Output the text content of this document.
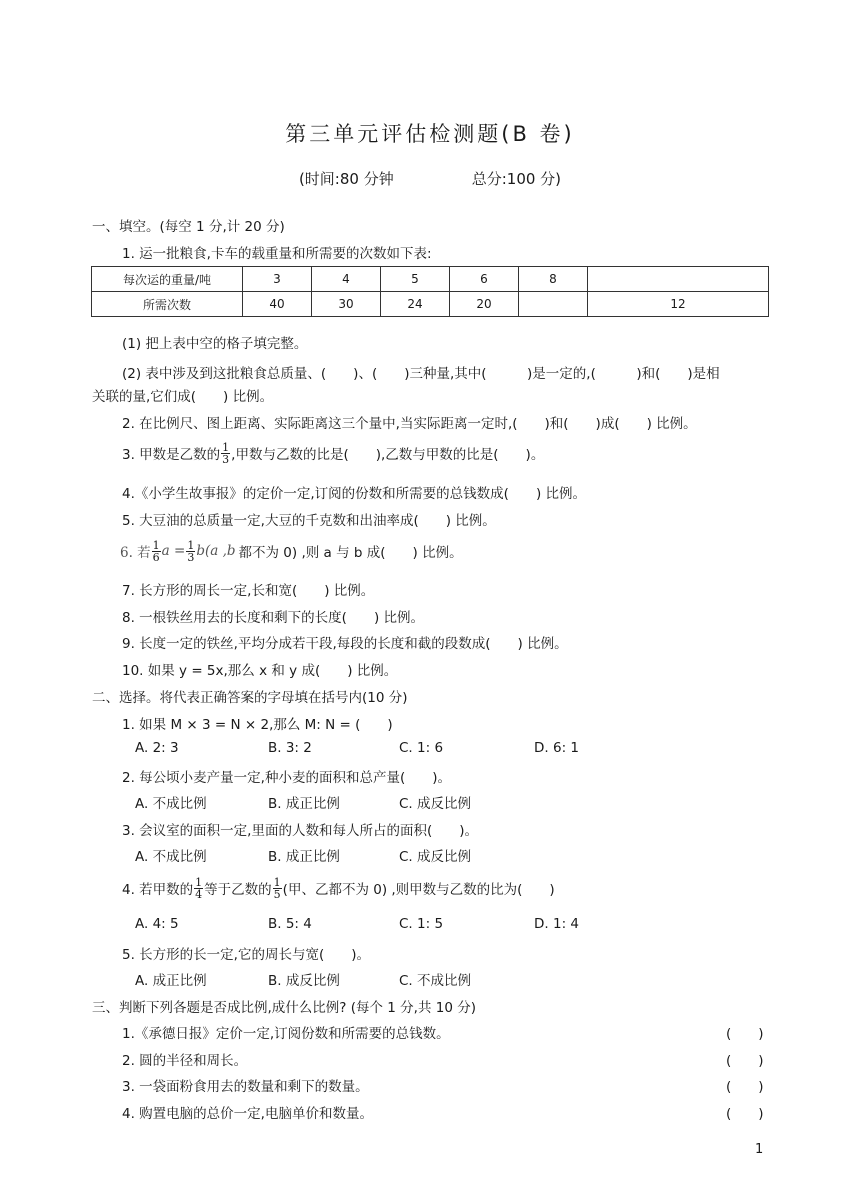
第三单元评估检测题(B 卷)
(时间:80 分钟	总分:100 分)
一、填空。(每空 1 分,计 20 分)
1. 运一批粮食,卡车的载重量和所需要的次数如下表:
每次运的重量/吨	3	4	5	6	8	
所需次数	40	30	24	20		12
(1) 把上表中空的格子填完整。
(2) 表中涉及到这批粮食总质量、(　　)、(　　)三种量,其中(　　　)是一定的,(　　　)和(　　)是相
关联的量,它们成(　　) 比例。
2. 在比例尺、图上距离、实际距离这三个量中,当实际距离一定时,(　　)和(　　)成(　　) 比例。
3. 甲数是乙数的 $\frac{1}{3}$ ,甲数与乙数的比是(　　),乙数与甲数的比是(　　)。
4.《小学生故事报》的定价一定,订阅的份数和所需要的总钱数成(　　) 比例。
5. 大豆油的总质量一定,大豆的千克数和出油率成(　　) 比例。
6. 若 $\frac{1}{6}$ $a = \frac{1}{3} b(a$ ,b 都不为 0) ,则 a 与 b 成(　　) 比例。
7. 长方形的周长一定,长和宽(　　) 比例。
8. 一根铁丝用去的长度和剩下的长度(　　) 比例。
9. 长度一定的铁丝,平均分成若干段,每段的长度和截的段数成(　　) 比例。
10. 如果 y = 5x,那么 x 和 y 成(　　) 比例。
二、选择。将代表正确答案的字母填在括号内(10 分)
1. 如果 M × 3 = N × 2,那么 M: N = (　　)
A. 2: 3	B. 3: 2	C. 1: 6	D. 6: 1
2. 每公顷小麦产量一定,种小麦的面积和总产量(　　)。
A. 不成比例	B. 成正比例	C. 成反比例
3. 会议室的面积一定,里面的人数和每人所占的面积(　　)。
A. 不成比例	B. 成正比例	C. 成反比例
4. 若甲数的 $\frac{1}{4}$ 等于乙数的 $\frac{1}{5}$ (甲、乙都不为 0) ,则甲数与乙数的比为(　　)
A. 4: 5	B. 5: 4	C. 1: 5	D. 1: 4
5. 长方形的长一定,它的周长与宽(　　)。
A. 成正比例	B. 成反比例	C. 不成比例
三、判断下列各题是否成比例,成什么比例? (每个 1 分,共 10 分)
1.《承德日报》定价一定,订阅份数和所需要的总钱数。	(　　)
2. 圆的半径和周长。	(　　)
3. 一袋面粉食用去的数量和剩下的数量。	(　　)
4. 购置电脑的总价一定,电脑单价和数量。	(　　)
1
